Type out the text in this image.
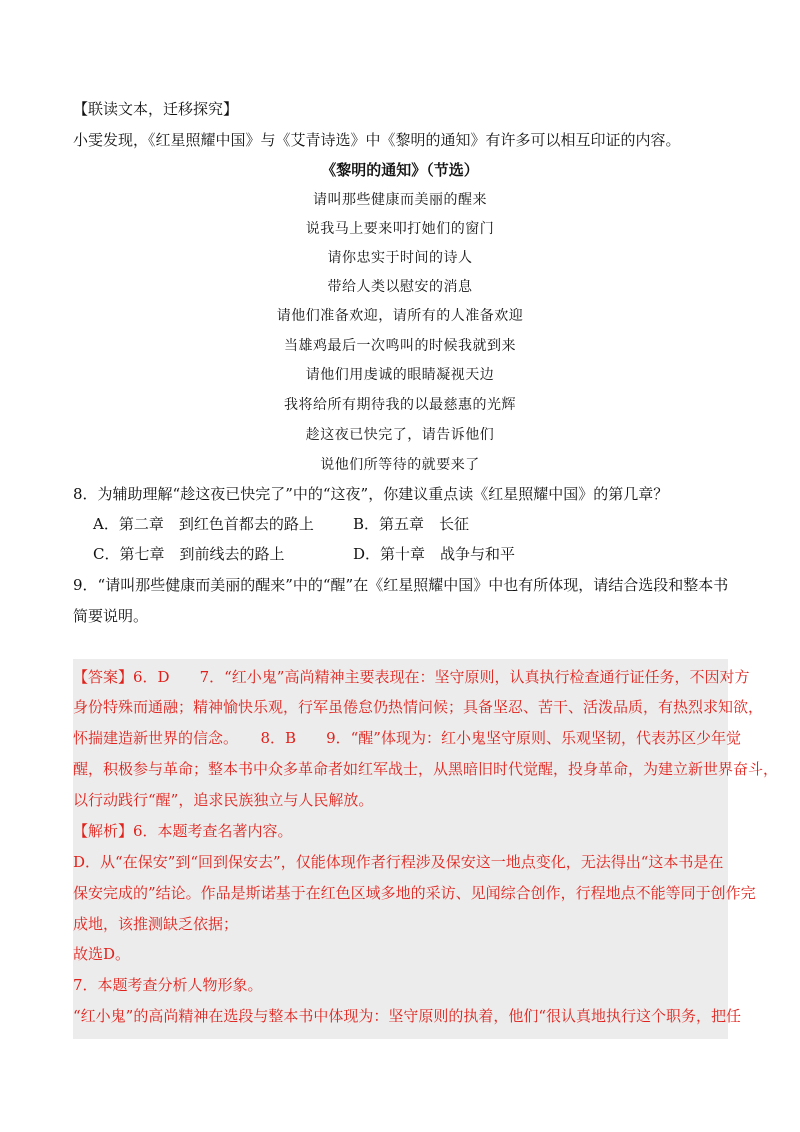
【联读文本，迁移探究】
小雯发现，《红星照耀中国》与《艾青诗选》中《黎明的通知》有许多可以相互印证的内容。
《黎明的通知》（节选）
请叫那些健康而美丽的醒来
说我马上要来叩打她们的窗门
请你忠实于时间的诗人
带给人类以慰安的消息
请他们准备欢迎，请所有的人准备欢迎
当雄鸡最后一次鸣叫的时候我就到来
请他们用虔诚的眼睛凝视天边
我将给所有期待我的以最慈惠的光辉
趁这夜已快完了，请告诉他们
说他们所等待的就要来了
8．为辅助理解“趁这夜已快完了”中的“这夜”，你建议重点读《红星照耀中国》的第几章？
A．第二章　到红色首都去的路上	B．第五章　长征
C．第七章　到前线去的路上	D．第十章　战争与和平
9．“请叫那些健康而美丽的醒来”中的“醒”在《红星照耀中国》中也有所体现，请结合选段和整本书
简要说明。
【答案】6．D　　7．“红小鬼”高尚精神主要表现在：坚守原则，认真执行检查通行证任务，不因对方
身份特殊而通融；精神愉快乐观，行军虽倦怠仍热情问候；具备坚忍、苦干、活泼品质，有热烈求知欲，
怀揣建造新世界的信念。　　8．B　　9．“醒”体现为：红小鬼坚守原则、乐观坚韧，代表苏区少年觉
醒，积极参与革命；整本书中众多革命者如红军战士，从黑暗旧时代觉醒，投身革命，为建立新世界奋斗，
以行动践行“醒”，追求民族独立与人民解放。
【解析】6．本题考查名著内容。
D．从“在保安”到“回到保安去”，仅能体现作者行程涉及保安这一地点变化，无法得出“这本书是在
保安完成的”结论。作品是斯诺基于在红色区域多地的采访、见闻综合创作，行程地点不能等同于创作完
成地，该推测缺乏依据；
故选D。
7．本题考查分析人物形象。
“红小鬼”的高尚精神在选段与整本书中体现为：坚守原则的执着，他们“很认真地执行这个职务，把任
